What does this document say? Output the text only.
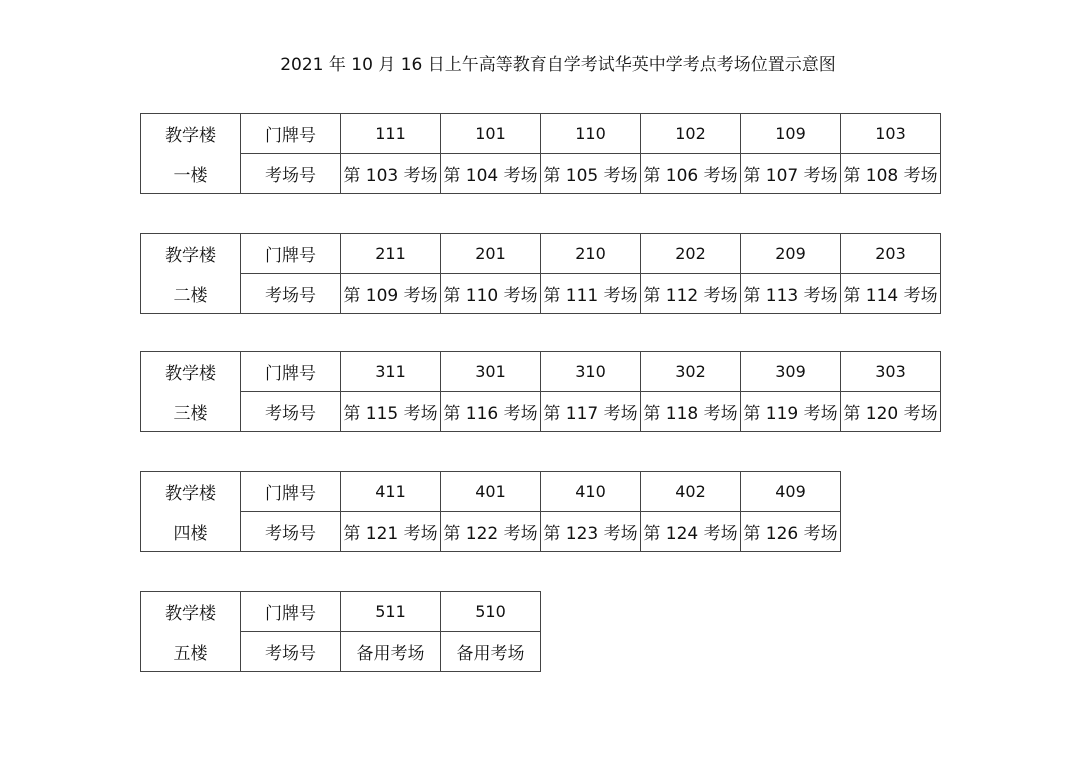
2021 年 10 月 16 日上午高等教育自学考试华英中学考点考场位置示意图
教学楼	门牌号	111	101	110	102	109	103
一楼	考场号	第 103 考场	第 104 考场	第 105 考场	第 106 考场	第 107 考场	第 108 考场
教学楼	门牌号	211	201	210	202	209	203
二楼	考场号	第 109 考场	第 110 考场	第 111 考场	第 112 考场	第 113 考场	第 114 考场
教学楼	门牌号	311	301	310	302	309	303
三楼	考场号	第 115 考场	第 116 考场	第 117 考场	第 118 考场	第 119 考场	第 120 考场
教学楼	门牌号	411	401	410	402	409
四楼	考场号	第 121 考场	第 122 考场	第 123 考场	第 124 考场	第 126 考场
教学楼	门牌号	511	510
五楼	考场号	备用考场	备用考场
